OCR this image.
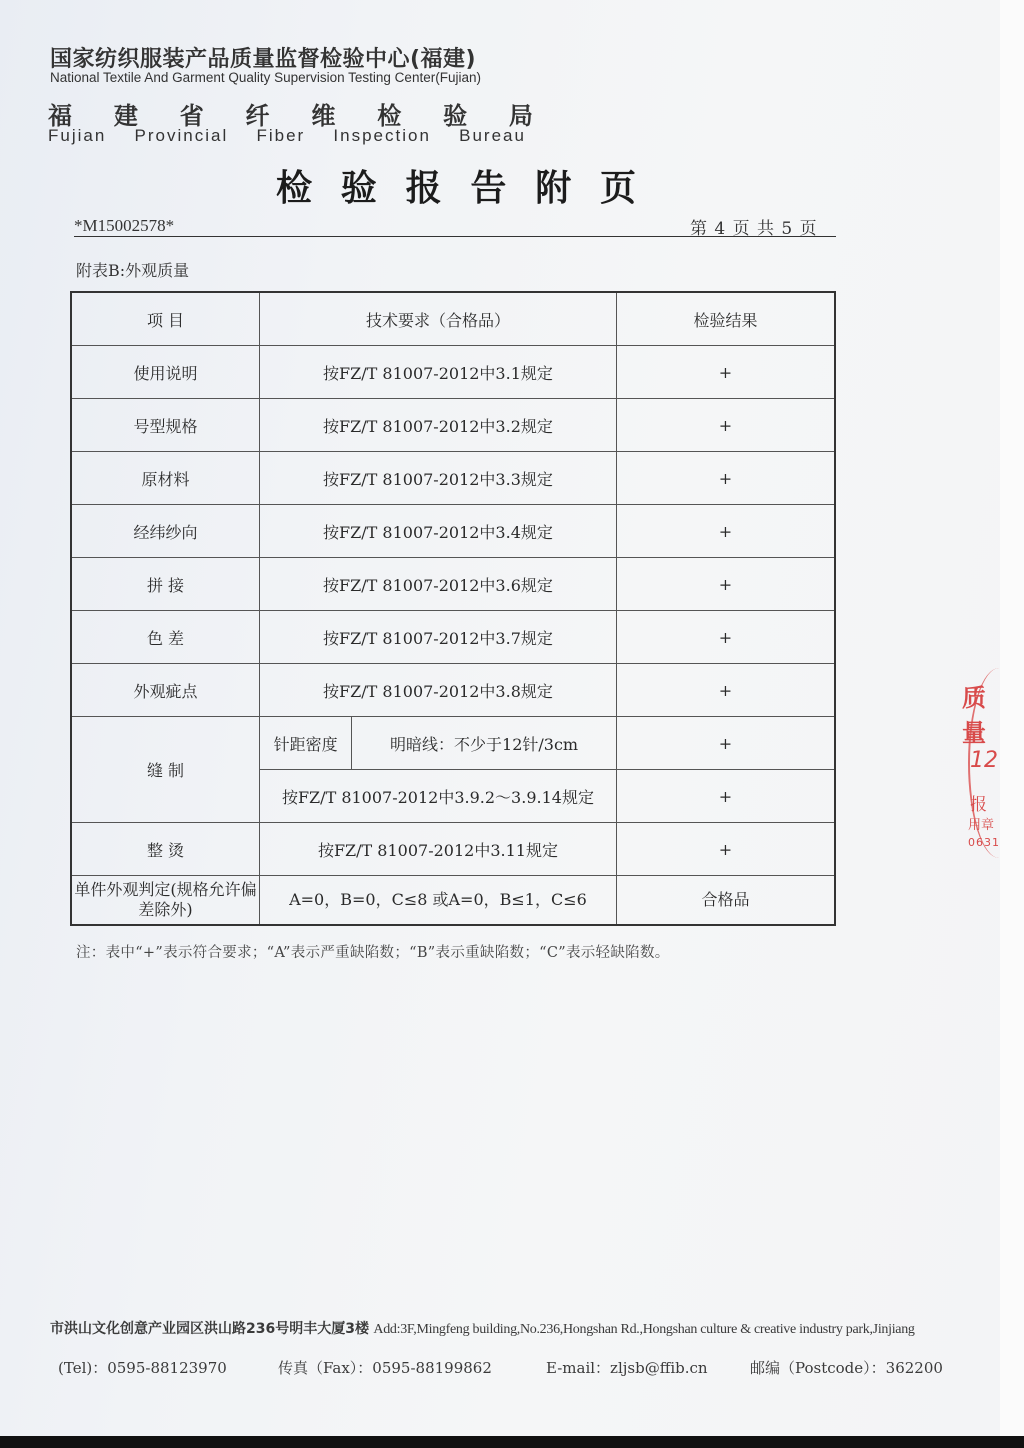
国家纺织服装产品质量监督检验中心(福建)
National Textile And Garment Quality Supervision Testing Center(Fujian)
福 建 省 纤 维 检 验 局
Fujian Provincial Fiber Inspection Bureau
检 验 报 告 附 页
*M15002578*	第 4 页 共 5 页
附表B:外观质量
项 目	技术要求（合格品）		检验结果
使用说明	按FZ/T 81007-2012中3.1规定		+
号型规格	按FZ/T 81007-2012中3.2规定		+
原材料	按FZ/T 81007-2012中3.3规定		+
经纬纱向	按FZ/T 81007-2012中3.4规定		+
拼 接	按FZ/T 81007-2012中3.6规定		+
色 差	按FZ/T 81007-2012中3.7规定		+
外观疵点	按FZ/T 81007-2012中3.8规定		+
缝 制	针距密度	明暗线：不少于12针/3cm	+
	按FZ/T 81007-2012中3.9.2～3.9.14规定		+
整 烫	按FZ/T 81007-2012中3.11规定		+
单件外观判定(规格允许偏差除外)	A=0，B=0，C≤8 或A=0，B≤1，C≤6		合格品
注：表中“+”表示符合要求；“A”表示严重缺陷数；“B”表示重缺陷数；“C”表示轻缺陷数。
市洪山文化创意产业园区洪山路236号明丰大厦3楼 Add:3F,Mingfeng building,No.236,Hongshan Rd.,Hongshan culture & creative industry park,Jinjiang
(Tel)：0595-88123970	传真（Fax）：0595-88199862	E-mail：zljsb@ffib.cn	邮编（Postcode）：362200
质量
12
报
用章
0631
